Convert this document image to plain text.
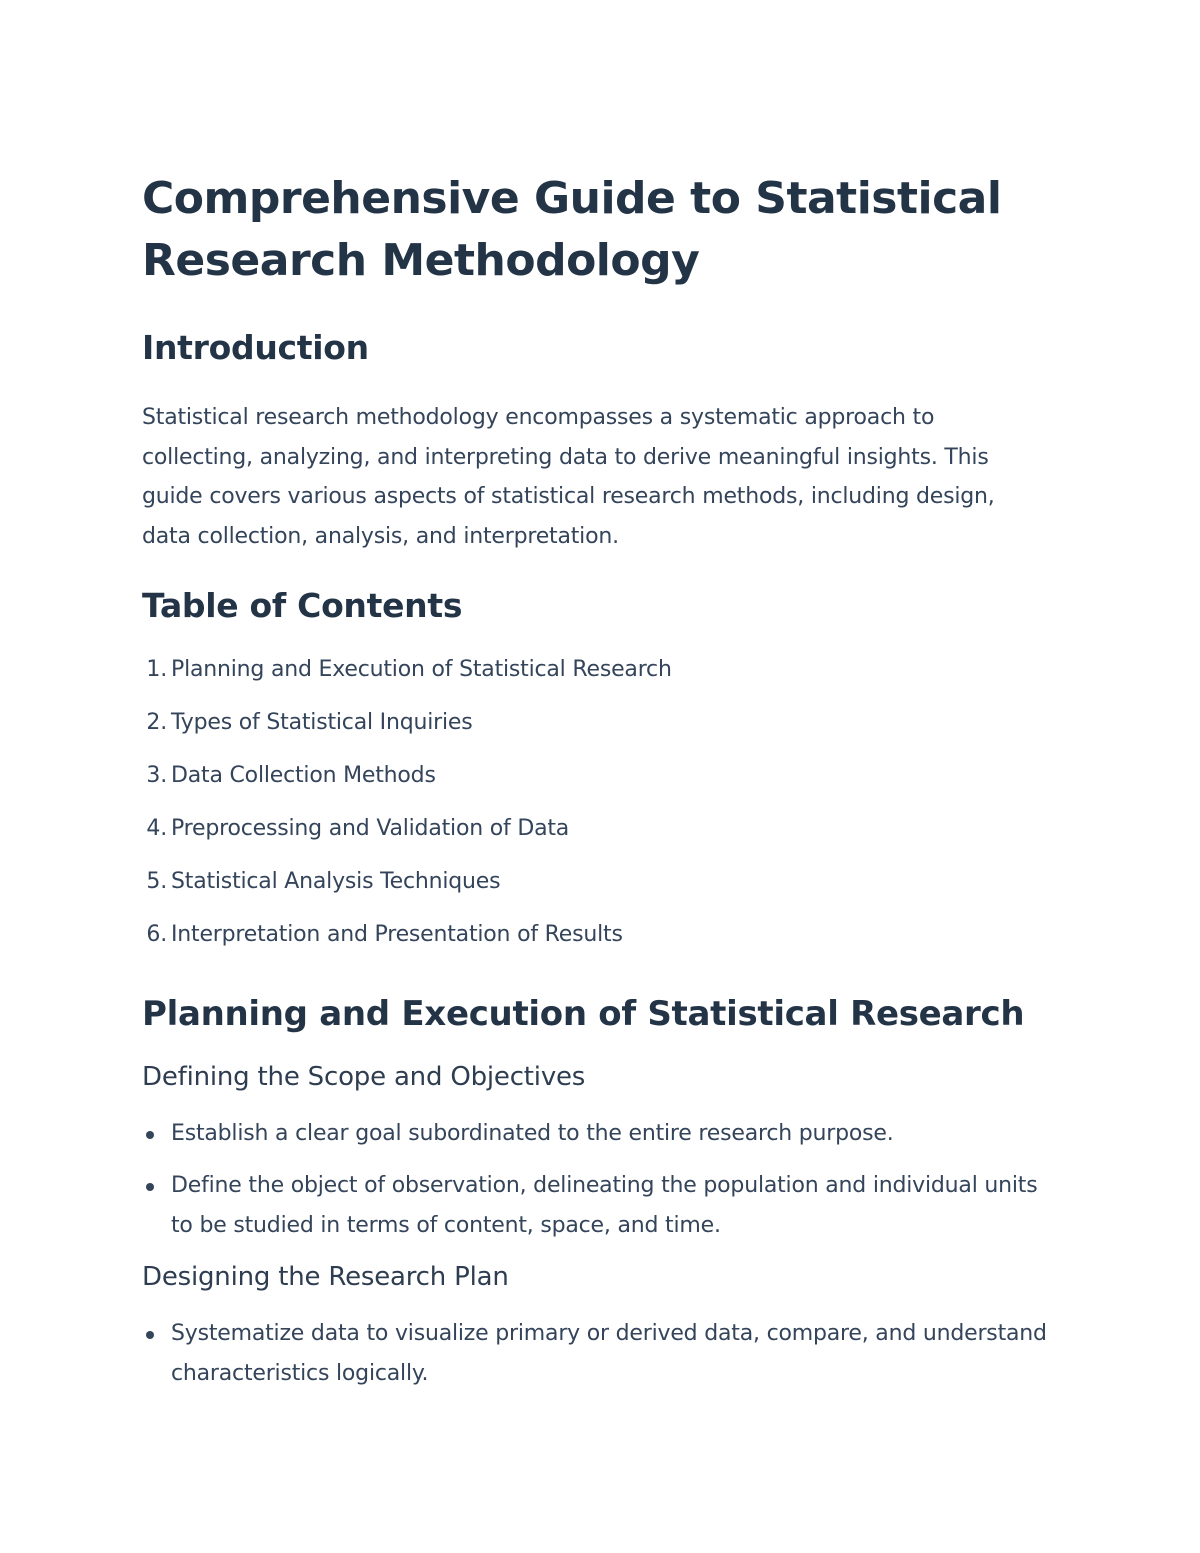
Comprehensive Guide to Statistical Research Methodology
Introduction

Statistical research methodology encompasses a systematic approach to collecting, analyzing, and interpreting data to derive meaningful insights. This guide covers various aspects of statistical research methods, including design, data collection, analysis, and interpretation.

Table of Contents
1. Planning and Execution of Statistical Research
2. Types of Statistical Inquiries
3. Data Collection Methods
4. Preprocessing and Validation of Data
5. Statistical Analysis Techniques
6. Interpretation and Presentation of Results
Planning and Execution of Statistical Research
Defining the Scope and Objectives
Establish a clear goal subordinated to the entire research purpose.
Define the object of observation, delineating the population and individual units to be studied in terms of content, space, and time.
Designing the Research Plan
Systematize data to visualize primary or derived data, compare, and understand characteristics logically.
